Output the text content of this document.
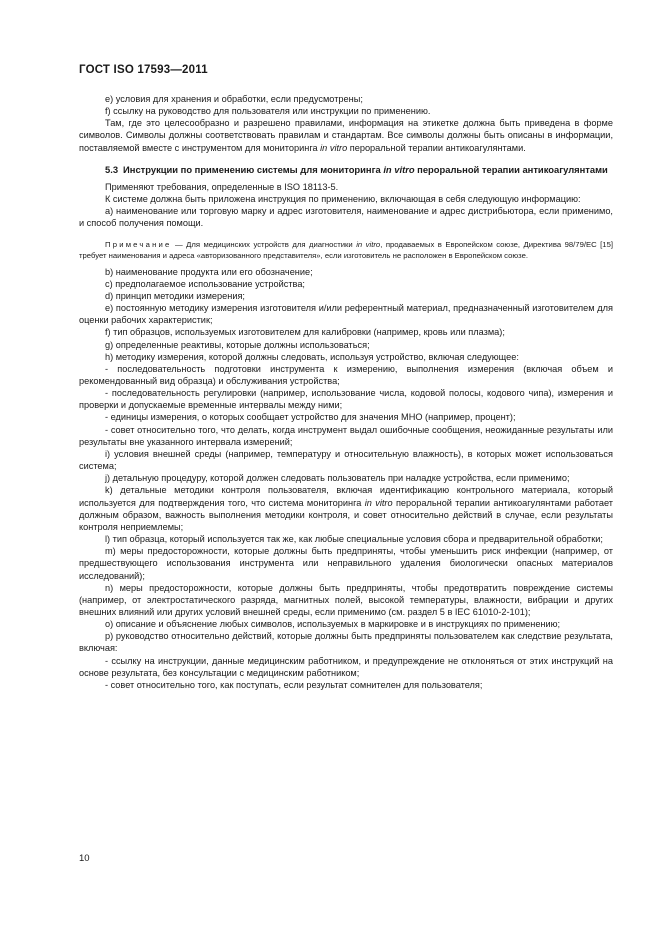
ГОСТ ISO 17593—2011

e) условия для хранения и обработки, если предусмотрены;

f) ссылку на руководство для пользователя или инструкции по применению.

Там, где это целесообразно и разрешено правилами, информация на этикетке должна быть приведена в форме символов. Символы должны соответствовать правилам и стандартам. Все символы должны быть описаны в информации, поставляемой вместе с инструментом для мониторинга in vitro пероральной терапии антикоагулянтами.

5.3 Инструкции по применению системы для мониторинга in vitro пероральной терапии антикоагулянтами

Применяют требования, определенные в ISO 18113-5.

К системе должна быть приложена инструкция по применению, включающая в себя следующую информацию:

a) наименование или торговую марку и адрес изготовителя, наименование и адрес дистрибьютора, если применимо, и способ получения помощи.

Примечание — Для медицинских устройств для диагностики in vitro, продаваемых в Европейском союзе, Директива 98/79/EC [15] требует наименования и адреса «авторизованного представителя», если изготовитель не расположен в Европейском союзе.

b) наименование продукта или его обозначение;

c) предполагаемое использование устройства;

d) принцип методики измерения;

e) постоянную методику измерения изготовителя и/или референтный материал, предназначенный изготовителем для оценки рабочих характеристик;

f) тип образцов, используемых изготовителем для калибровки (например, кровь или плазма);

g) определенные реактивы, которые должны использоваться;

h) методику измерения, которой должны следовать, используя устройство, включая следующее:

- последовательность подготовки инструмента к измерению, выполнения измерения (включая объем и рекомендованный вид образца) и обслуживания устройства;

- последовательность регулировки (например, использование числа, кодовой полосы, кодового чипа), измерения и проверки и допускаемые временные интервалы между ними;

- единицы измерения, о которых сообщает устройство для значения МНО (например, процент);

- совет относительно того, что делать, когда инструмент выдал ошибочные сообщения, неожиданные результаты или результаты вне указанного интервала измерений;

i) условия внешней среды (например, температуру и относительную влажность), в которых может использоваться система;

j) детальную процедуру, которой должен следовать пользователь при наладке устройства, если применимо;

k) детальные методики контроля пользователя, включая идентификацию контрольного материала, который используется для подтверждения того, что система мониторинга in vitro пероральной терапии антикоагулянтами работает должным образом, важность выполнения методики контроля, и совет относительно действий в случае, если результаты контроля неприемлемы;

l) тип образца, который используется так же, как любые специальные условия сбора и предварительной обработки;

m) меры предосторожности, которые должны быть предприняты, чтобы уменьшить риск инфекции (например, от предшествующего использования инструмента или неправильного удаления биологически опасных материалов исследований);

n) меры предосторожности, которые должны быть предприняты, чтобы предотвратить повреждение системы (например, от электростатического разряда, магнитных полей, высокой температуры, влажности, вибрации и других внешних влияний или других условий внешней среды, если применимо (см. раздел 5 в IEC 61010-2-101);

o) описание и объяснение любых символов, используемых в маркировке и в инструкциях по применению;

p) руководство относительно действий, которые должны быть предприняты пользователем как следствие результата, включая:

- ссылку на инструкции, данные медицинским работником, и предупреждение не отклоняться от этих инструкций на основе результата, без консультации с медицинским работником;

- совет относительно того, как поступать, если результат сомнителен для пользователя;

10
